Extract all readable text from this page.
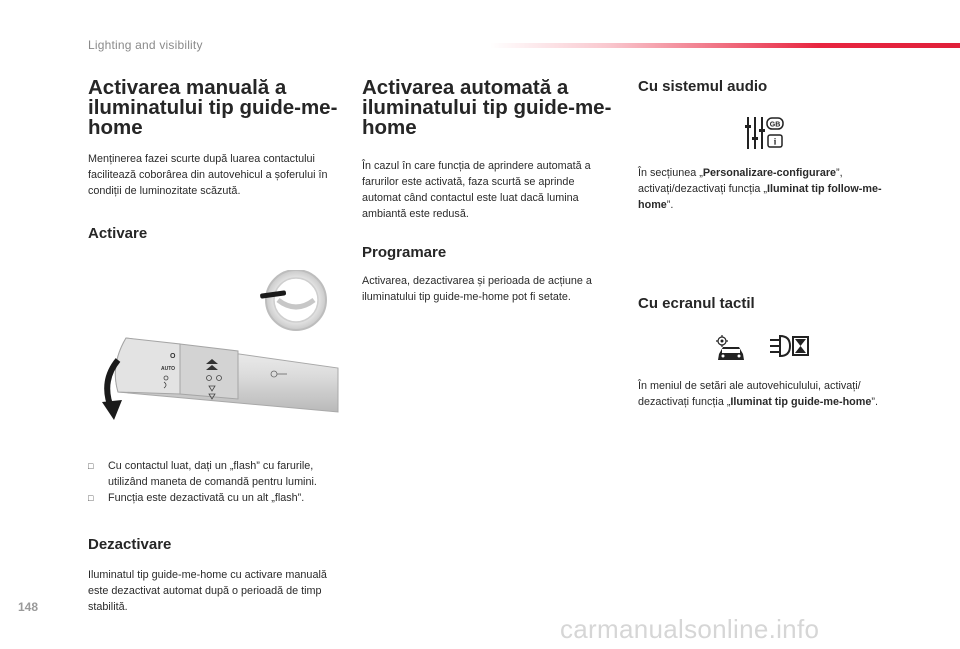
Lighting and visibility
Activarea manuală a iluminatului tip guide-me-home

Menținerea fazei scurte după luarea contactului facilitează coborârea din autovehicul a șoferului în condiții de luminozitate scăzută.

Activare
O
AUTO
□	Cu contactul luat, dați un „flash” cu farurile, utilizând maneta de comandă pentru lumini.
□	Funcția este dezactivată cu un alt „flash”.
Dezactivare

Iluminatul tip guide-me-home cu activare manuală este dezactivat automat după o perioadă de timp stabilită.

Activarea automată a iluminatului tip guide-me-home

În cazul în care funcția de aprindere automată a farurilor este activată, faza scurtă se aprinde automat când contactul este luat dacă lumina ambiantă este redusă.

Programare

Activarea, dezactivarea și perioada de acțiune a iluminatului tip guide-me-home pot fi setate.

Cu sistemul audio
GB
i

În secțiunea „Personalizare-configurare”, activați/dezactivați funcția „Iluminat tip follow-me-home”.

Cu ecranul tactil

În meniul de setări ale autovehiculului, activați/ dezactivați funcția „Iluminat tip guide-me-home”.

148
carmanualsonline.info
